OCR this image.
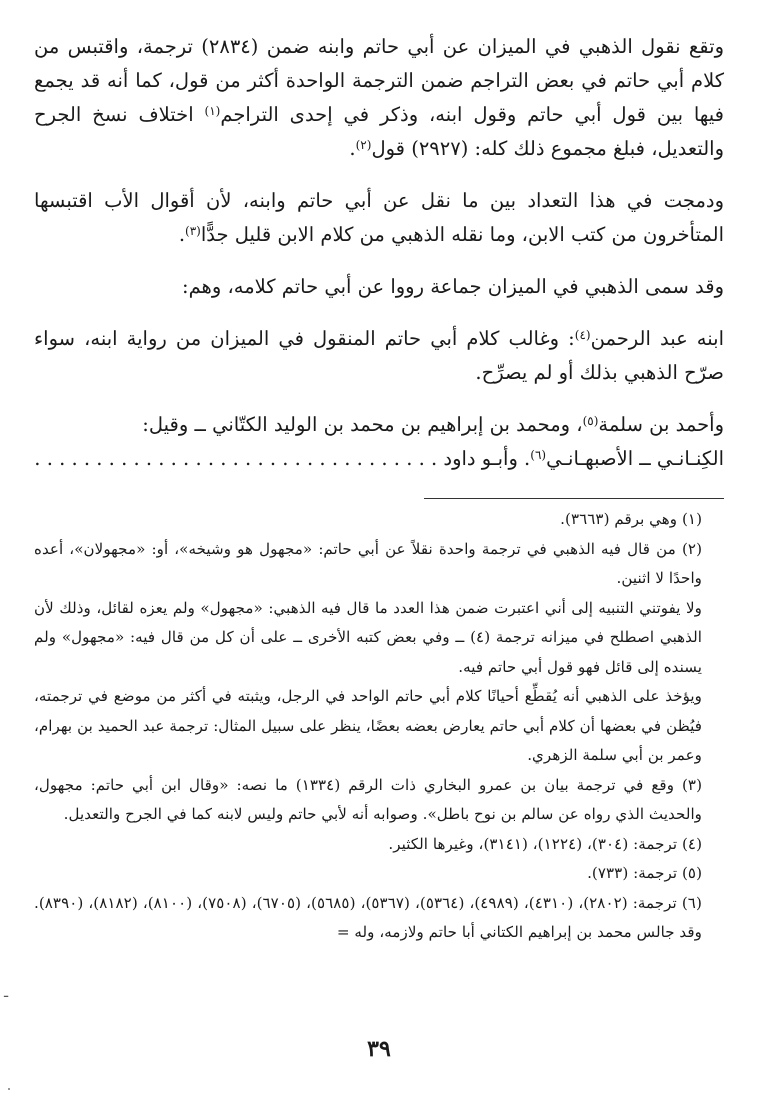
وتقع نقول الذهبي في الميزان عن أبي حاتم وابنه ضمن (٢٨٣٤) ترجمة، واقتبس من كلام أبي حاتم في بعض التراجم ضمن الترجمة الواحدة أكثر من قول، كما أنه قد يجمع فيها بين قول أبي حاتم وقول ابنه، وذكر في إحدى التراجم$^{(١)}$ اختلاف نسخ الجرح والتعديل، فبلغ مجموع ذلك كله: (٢٩٢٧) قول$^{(٢)}$.

ودمجت في هذا التعداد بين ما نقل عن أبي حاتم وابنه، لأن أقوال الأب اقتبسها المتأخرون من كتب الابن، وما نقله الذهبي من كلام الابن قليل جدًّا$^{(٣)}$.

وقد سمى الذهبي في الميزان جماعة رووا عن أبي حاتم كلامه، وهم:

ابنه عبد الرحمن$^{(٤)}$: وغالب كلام أبي حاتم المنقول في الميزان من رواية ابنه، سواء صرّح الذهبي بذلك أو لم يصرِّح.

وأحمد بن سلمة$^{(٥)}$، ومحمد بن إبراهيم بن محمد بن الوليد الكتّاني ــ وقيل:

الكِنـانـي ــ الأصبهـانـي$^{(٦)}$. وأبـو داود . . . . . . . . . . . . . . . . . . . . . . . . . . . . . . . . .

(١) وهي برقم (٣٦٦٣).

(٢) من قال فيه الذهبي في ترجمة واحدة نقلاً عن أبي حاتم: «مجهول هو وشيخه»، أو: «مجهولان»، أعده واحدًا لا اثنين.

ولا يفوتني التنبيه إلى أني اعتبرت ضمن هذا العدد ما قال فيه الذهبي: «مجهول» ولم يعزه لقائل، وذلك لأن الذهبي اصطلح في ميزانه ترجمة (٤) ــ وفي بعض كتبه الأخرى ــ على أن كل من قال فيه: «مجهول» ولم يسنده إلى قائل فهو قول أبي حاتم فيه.

ويؤخذ على الذهبي أنه يُقطِّع أحيانًا كلام أبي حاتم الواحد في الرجل، ويثبته في أكثر من موضع في ترجمته، فيُظن في بعضها أن كلام أبي حاتم يعارض بعضه بعضًا، ينظر على سبيل المثال: ترجمة عبد الحميد بن بهرام، وعمر بن أبي سلمة الزهري.

(٣) وقع في ترجمة بيان بن عمرو البخاري ذات الرقم (١٣٣٤) ما نصه: «وقال ابن أبي حاتم: مجهول، والحديث الذي رواه عن سالم بن نوح باطل». وصوابه أنه لأبي حاتم وليس لابنه كما في الجرح والتعديل.

(٤) ترجمة: (٣٠٤)، (١٢٢٤)، (٣١٤١)، وغيرها الكثير.

(٥) ترجمة: (٧٣٣).

(٦) ترجمة: (٢٨٠٢)، (٤٣١٠)، (٤٩٨٩)، (٥٣٦٤)، (٥٣٦٧)، (٥٦٨٥)، (٦٧٠٥)، (٧٥٠٨)، (٨١٠٠)، (٨١٨٢)، (٨٣٩٠). وقد جالس محمد بن إبراهيم الكتاني أبا حاتم ولازمه، وله =

ـ
٣٩
